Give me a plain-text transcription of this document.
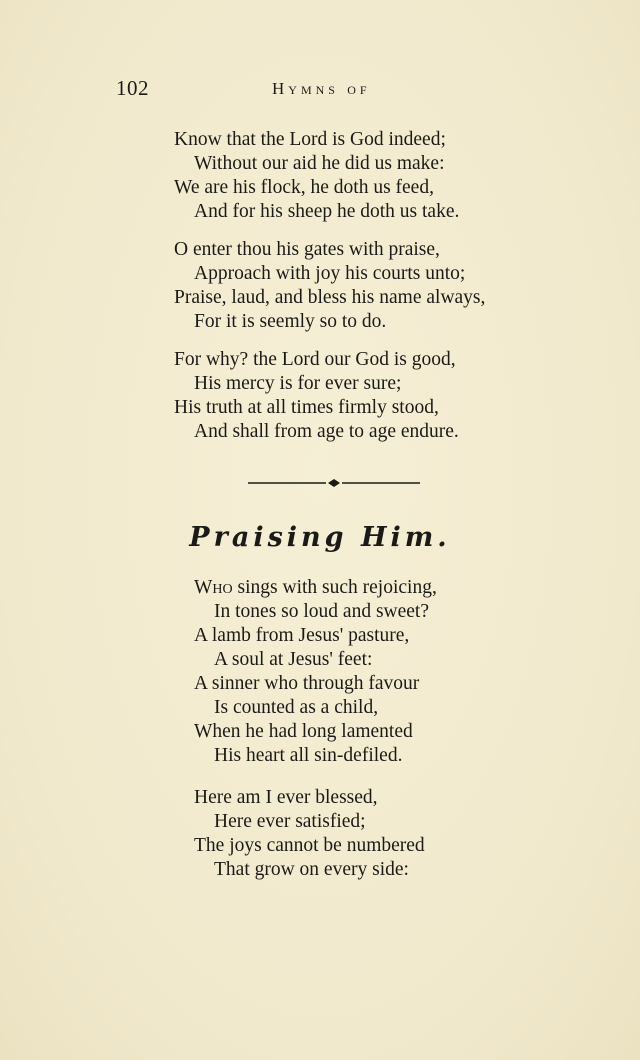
102	Hymns of
Know that the Lord is God indeed;
Without our aid he did us make:
We are his flock, he doth us feed,
And for his sheep he doth us take.
O enter thou his gates with praise,
Approach with joy his courts unto;
Praise, laud, and bless his name always,
For it is seemly so to do.
For why? the Lord our God is good,
His mercy is for ever sure;
His truth at all times firmly stood,
And shall from age to age endure.
Praising Him.
Who sings with such rejoicing,
In tones so loud and sweet?
A lamb from Jesus' pasture,
A soul at Jesus' feet:
A sinner who through favour
Is counted as a child,
When he had long lamented
His heart all sin-defiled.
Here am I ever blessed,
Here ever satisfied;
The joys cannot be numbered
That grow on every side:
